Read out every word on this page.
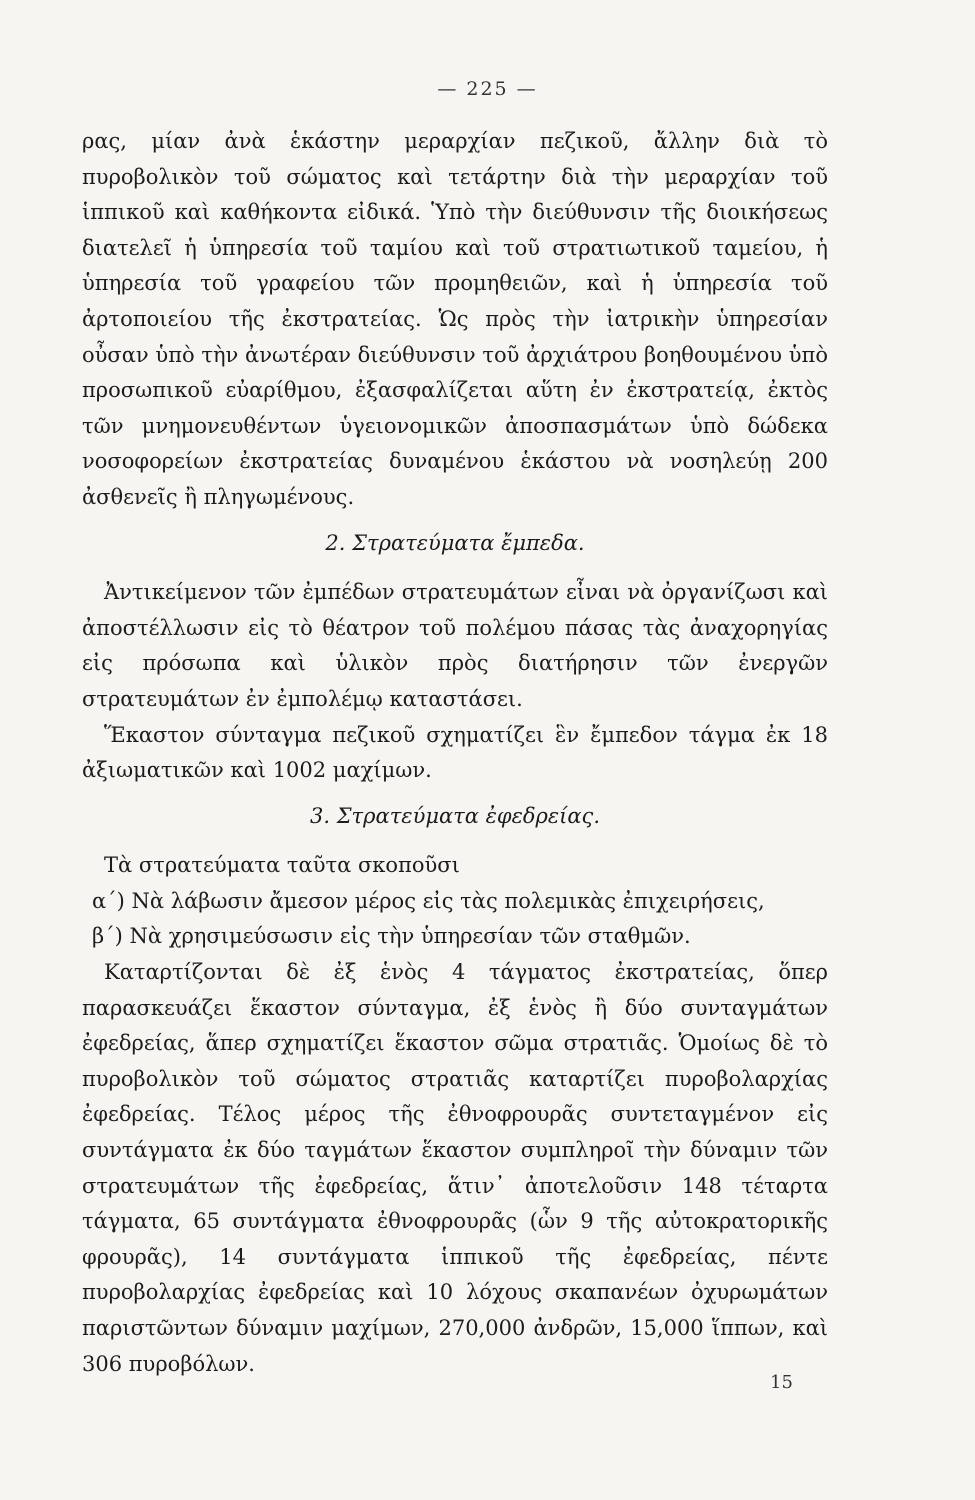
— 225 —

ρας, μίαν ἀνὰ ἑκάστην μεραρχίαν πεζικοῦ, ἄλλην διὰ τὸ πυροβολικὸν τοῦ σώματος καὶ τετάρτην διὰ τὴν μεραρχίαν τοῦ ἱππικοῦ καὶ καθήκοντα εἰδικά. Ὑπὸ τὴν διεύθυνσιν τῆς διοικήσεως διατελεῖ ἡ ὑπηρεσία τοῦ ταμίου καὶ τοῦ στρατιωτικοῦ ταμείου, ἡ ὑπηρεσία τοῦ γραφείου τῶν προμηθειῶν, καὶ ἡ ὑπηρεσία τοῦ ἀρτοποιείου τῆς ἐκστρατείας. Ὡς πρὸς τὴν ἰατρικὴν ὑπηρεσίαν οὖσαν ὑπὸ τὴν ἀνωτέραν διεύθυνσιν τοῦ ἀρχιάτρου βοηθουμένου ὑπὸ προσωπικοῦ εὐαρίθμου, ἐξασφαλίζεται αὕτη ἐν ἐκστρατείᾳ, ἐκτὸς τῶν μνημονευθέντων ὑγειονομικῶν ἀποσπασμάτων ὑπὸ δώδεκα νοσοφορείων ἐκστρατείας δυναμένου ἑκάστου νὰ νοσηλεύῃ 200 ἀσθενεῖς ἢ πληγωμένους.

2. Στρατεύματα ἔμπεδα.

Ἀντικείμενον τῶν ἐμπέδων στρατευμάτων εἶναι νὰ ὀργανίζωσι καὶ ἀποστέλλωσιν εἰς τὸ θέατρον τοῦ πολέμου πάσας τὰς ἀναχορηγίας εἰς πρόσωπα καὶ ὑλικὸν πρὸς διατήρησιν τῶν ἐνεργῶν στρατευμάτων ἐν ἐμπολέμῳ καταστάσει.

Ἕκαστον σύνταγμα πεζικοῦ σχηματίζει ἓν ἔμπεδον τάγμα ἐκ 18 ἀξιωματικῶν καὶ 1002 μαχίμων.

3. Στρατεύματα ἐφεδρείας.

Τὰ στρατεύματα ταῦτα σκοποῦσι

α΄) Νὰ λάβωσιν ἄμεσον μέρος εἰς τὰς πολεμικὰς ἐπιχειρήσεις,

β΄) Νὰ χρησιμεύσωσιν εἰς τὴν ὑπηρεσίαν τῶν σταθμῶν.

Καταρτίζονται δὲ ἐξ ἑνὸς 4 τάγματος ἐκστρατείας, ὅπερ παρασκευάζει ἕκαστον σύνταγμα, ἐξ ἑνὸς ἢ δύο συνταγμάτων ἐφεδρείας, ἅπερ σχηματίζει ἕκαστον σῶμα στρατιᾶς. Ὁμοίως δὲ τὸ πυροβολικὸν τοῦ σώματος στρατιᾶς καταρτίζει πυροβολαρχίας ἐφεδρείας. Τέλος μέρος τῆς ἐθνοφρουρᾶς συντεταγμένον εἰς συντάγματα ἐκ δύο ταγμάτων ἕκαστον συμπληροῖ τὴν δύναμιν τῶν στρατευμάτων τῆς ἐφεδρείας, ἅτιν᾿ ἀποτελοῦσιν 148 τέταρτα τάγματα, 65 συντάγματα ἐθνοφρουρᾶς (ὧν 9 τῆς αὐτοκρατορικῆς φρουρᾶς), 14 συντάγματα ἱππικοῦ τῆς ἐφεδρείας, πέντε πυροβολαρχίας ἐφεδρείας καὶ 10 λόχους σκαπανέων ὀχυρωμάτων παριστῶντων δύναμιν μαχίμων, 270,000 ἀνδρῶν, 15,000 ἵππων, καὶ 306 πυροβόλων.

15
